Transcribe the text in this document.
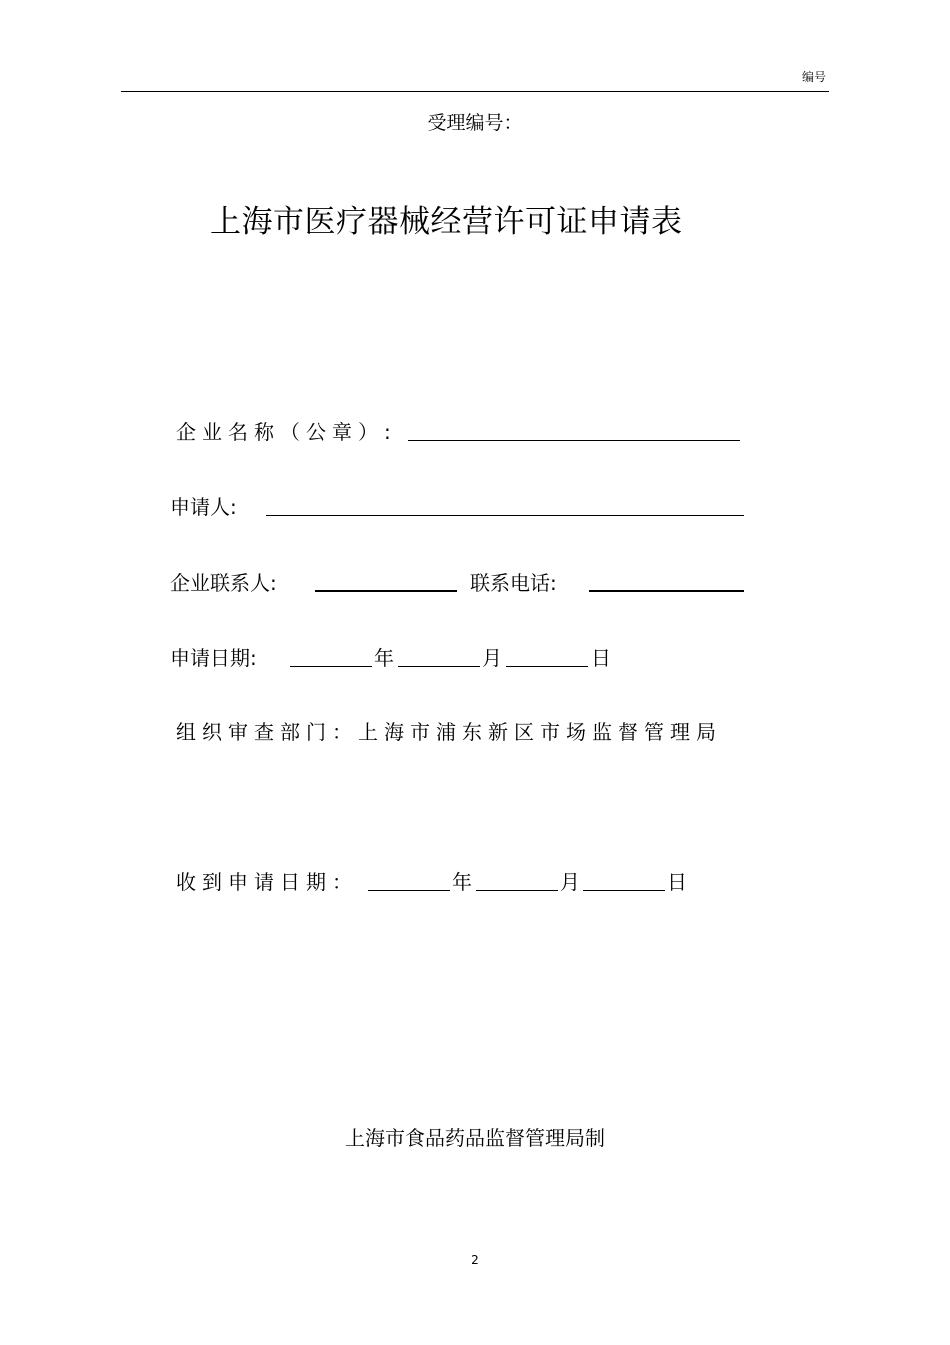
编号
受理编号：
上海市医疗器械经营许可证申请表
企业名称（公章）:
申请人:
企业联系人:	联系电话:
申请日期:	年	月	日
组织审查部门：上海市浦东新区市场监督管理局
收到申请日期：	年	月	日
上海市食品药品监督管理局制
2
